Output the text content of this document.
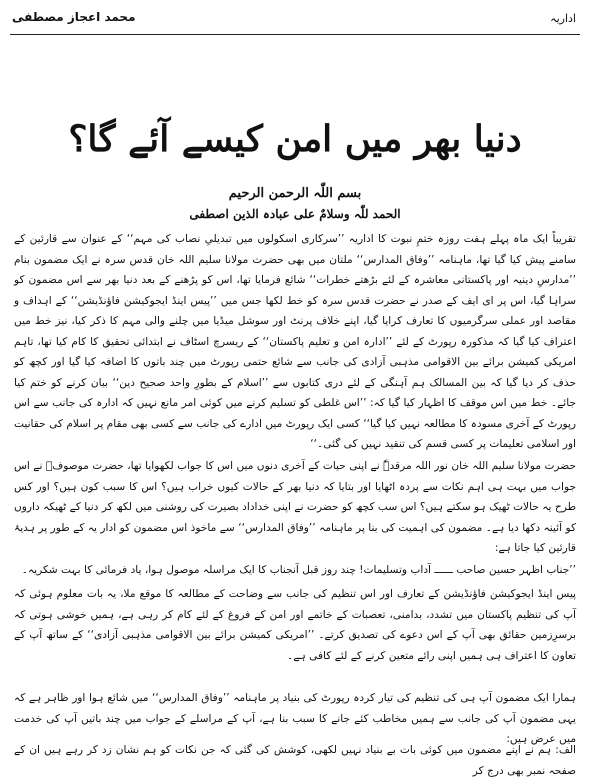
محمد اعجاز مصطفی	اداریہ
دنیا بھر میں امن کیسے آئے گا؟
بسم اللّٰہ الرحمن الرحیم
الحمد للّٰہ وسلامٌ علی عبادہ الذین اصطفی

تقریباً ایک ماہ پہلے ہفت روزہ ختمِ نبوت کا اداریہ ’’سرکاری اسکولوں میں تبدیلیِ نصاب کی مہم‘‘ کے عنوان سے قارئین کے سامنے پیش کیا گیا تھا، ماہنامہ ’’وفاق المدارس‘‘ ملتان میں بھی حضرت مولانا سلیم اللہ خان قدس سرہ نے ایک مضمون بنام ’’مدارسِ دینیہ اور پاکستانی معاشرہ کے لئے بڑھتے خطرات‘‘ شائع فرمایا تھا، اس کو پڑھنے کے بعد دنیا بھر سے اس مضمون کو سراہا گیا، اس پر ای ایف کے صدر نے حضرت قدس سرہ کو خط لکھا جس میں ’’پیس اینڈ ایجوکیشن فاؤنڈیشن‘‘ کے اہداف و مقاصد اور عملی سرگرمیوں کا تعارف کرایا گیا، اپنے خلاف پرنٹ اور سوشل میڈیا میں چلنے والی مہم کا ذکر کیا، نیز خط میں اعتراف کیا گیا کہ مذکورہ رپورٹ کے لئے ’’ادارہ امن و تعلیم پاکستان‘‘ کے ریسرچ اسٹاف نے ابتدائی تحقیق کا کام کیا تھا، تاہم امریکی کمیشن برائے بین الاقوامی مذہبی آزادی کی جانب سے شائع حتمی رپورٹ میں چند باتوں کا اضافہ کیا گیا اور کچھ کو حذف کر دیا گیا کہ بین المسالک ہم آہنگی کے لئے دری کتابوں سے ’’اسلام کے بطورِ واحد صحیح دین‘‘ بیان کرنے کو ختم کیا جائے۔ خط میں اس موقف کا اظہار کیا گیا کہ: ’’اس غلطی کو تسلیم کرنے میں کوئی امر مانع نہیں کہ ادارہ کی جانب سے اس رپورٹ کے آخری مسودہ کا مطالعہ نہیں کیا گیا‘‘ کسی ایک رپورٹ میں ادارے کی جانب سے کسی بھی مقام پر اسلام کی حقانیت اور اسلامی تعلیمات پر کسی قسم کی تنقید نہیں کی گئی۔‘‘

حضرت مولانا سلیم اللہ خان نور اللہ مرقدہٗ نے اپنی حیات کے آخری دنوں میں اس کا جواب لکھوایا تھا، حضرت موصوفؒ نے اس جواب میں بہت ہی اہم نکات سے پردہ اٹھایا اور بتایا کہ دنیا بھر کے حالات کیوں خراب ہیں؟ اس کا سبب کون ہیں؟ اور کس طرح یہ حالات ٹھیک ہو سکتے ہیں؟ اس سب کچھ کو حضرت نے اپنی خداداد بصیرت کی روشنی میں لکھ کر دنیا کے ٹھیکہ داروں کو آئینہ دکھا دیا ہے۔ مضمون کی اہمیت کی بنا پر ماہنامہ ’’وفاق المدارس‘‘ سے ماخوذ اس مضمون کو ادار یہ کے طور پر ہدیۂ قارئین کیا جاتا ہے:

’’جناب اظہر حسین صاحب ــــــ آداب وتسلیمات! چند روز قبل آنجناب کا ایک مراسلہ موصول ہوا، یاد فرمائی کا بہت شکریہ۔

پیس اینڈ ایجوکیشن فاؤنڈیشن کے تعارف اور اس تنظیم کی جانب سے وضاحت کے مطالعہ کا موقع ملا، یہ بات معلوم ہوئی کہ آپ کی تنظیم پاکستان میں تشدد، بدامنی، تعصبات کے خاتمے اور امن کے فروغ کے لئے کام کر رہی ہے، ہمیں خوشی ہوتی کہ برسرِزمین حقائق بھی آپ کے اس دعوے کی تصدیق کرتے۔ ’’امریکی کمیشن برائے بین الاقوامی مذہبی آزادی‘‘ کے ساتھ آپ کے تعاون کا اعتراف ہی ہمیں اپنی رائے متعین کرنے کے لئے کافی ہے۔

ہمارا ایک مضمون آپ ہی کی تنظیم کی تیار کردہ رپورٹ کی بنیاد پر ماہنامہ ’’وفاق المدارس‘‘ میں شائع ہوا اور ظاہر ہے کہ یہی مضمون آپ کی جانب سے ہمیں مخاطب کئے جانے کا سبب بنا ہے، آپ کے مراسلے کے جواب میں چند باتیں آپ کی خدمت میں عرض ہیں:

الف: ہم نے اپنے مضمون میں کوئی بات بے بنیاد نہیں لکھی، کوشش کی گئی کہ جن نکات کو ہم نشان زد کر رہے ہیں ان کے صفحہ نمبر بھی درج کر
